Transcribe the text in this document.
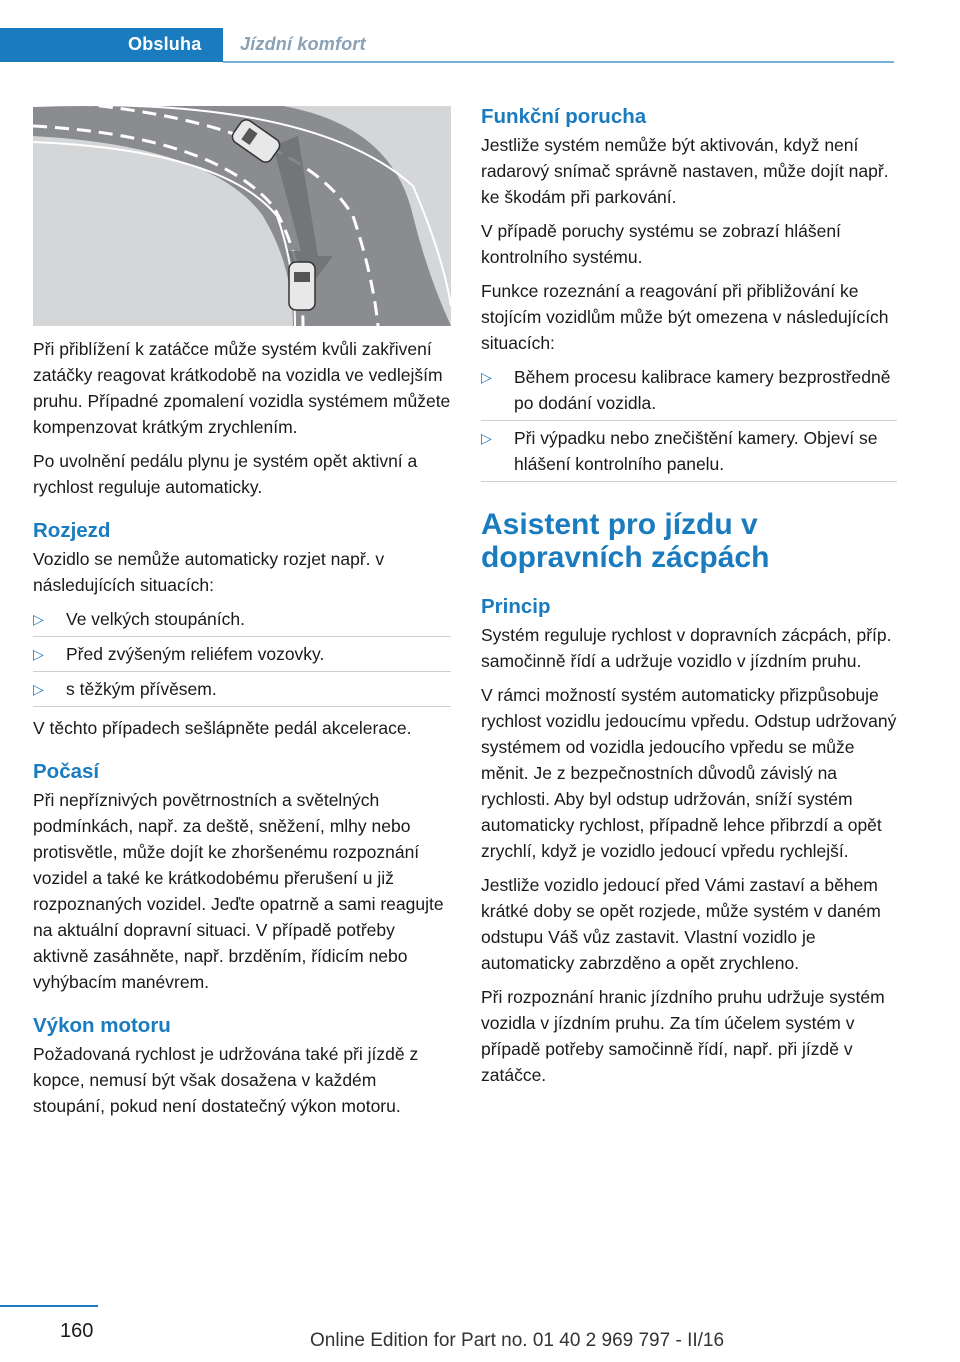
Obsluha Jízdní komfort

Při přiblížení k zatáčce může systém kvůli zakřivení zatáčky reagovat krátkodobě na vozidla ve vedlejším pruhu. Případné zpomalení vozidla systémem můžete kompenzovat krátkým zrychlením.

Po uvolnění pedálu plynu je systém opět aktivní a rychlost reguluje automaticky.

Rozjezd

Vozidlo se nemůže automaticky rozjet např. v následujících situacích:

▷ Ve velkých stoupáních.
▷ Před zvýšeným reliéfem vozovky.
▷ s těžkým přívěsem.

V těchto případech sešlápněte pedál akcelerace.

Počasí

Při nepříznivých povětrnostních a světelných podmínkách, např. za deště, sněžení, mlhy nebo protisvětle, může dojít ke zhoršenému rozpoznání vozidel a také ke krátkodobému přerušení u již rozpoznaných vozidel. Jeďte opatrně a sami reagujte na aktuální dopravní situaci. V případě potřeby aktivně zasáhněte, např. brzděním, řídicím nebo vyhýbacím manévrem.

Výkon motoru

Požadovaná rychlost je udržována také při jízdě z kopce, nemusí být však dosažena v každém stoupání, pokud není dostatečný výkon motoru.

Funkční porucha

Jestliže systém nemůže být aktivován, když není radarový snímač správně nastaven, může dojít např. ke škodám při parkování.

V případě poruchy systému se zobrazí hlášení kontrolního systému.

Funkce rozeznání a reagování při přibližování ke stojícím vozidlům může být omezena v následujících situacích:

▷ Během procesu kalibrace kamery bezprostředně po dodání vozidla.
▷ Při výpadku nebo znečištění kamery. Objeví se hlášení kontrolního panelu.
Asistent pro jízdu v dopravních zácpách
Princip

Systém reguluje rychlost v dopravních zácpách, příp. samočinně řídí a udržuje vozidlo v jízdním pruhu.

V rámci možností systém automaticky přizpůsobuje rychlost vozidlu jedoucímu vpředu. Odstup udržovaný systémem od vozidla jedoucího vpředu se může měnit. Je z bezpečnostních důvodů závislý na rychlosti. Aby byl odstup udržován, sníží systém automaticky rychlost, případně lehce přibrzdí a opět zrychlí, když je vozidlo jedoucí vpředu rychlejší.

Jestliže vozidlo jedoucí před Vámi zastaví a během krátké doby se opět rozjede, může systém v daném odstupu Váš vůz zastavit. Vlastní vozidlo je automaticky zabrzděno a opět zrychleno.

Při rozpoznání hranic jízdního pruhu udržuje systém vozidla v jízdním pruhu. Za tím účelem systém v případě potřeby samočinně řídí, např. při jízdě v zatáčce.

160	Online Edition for Part no. 01 40 2 969 797 - II/16
